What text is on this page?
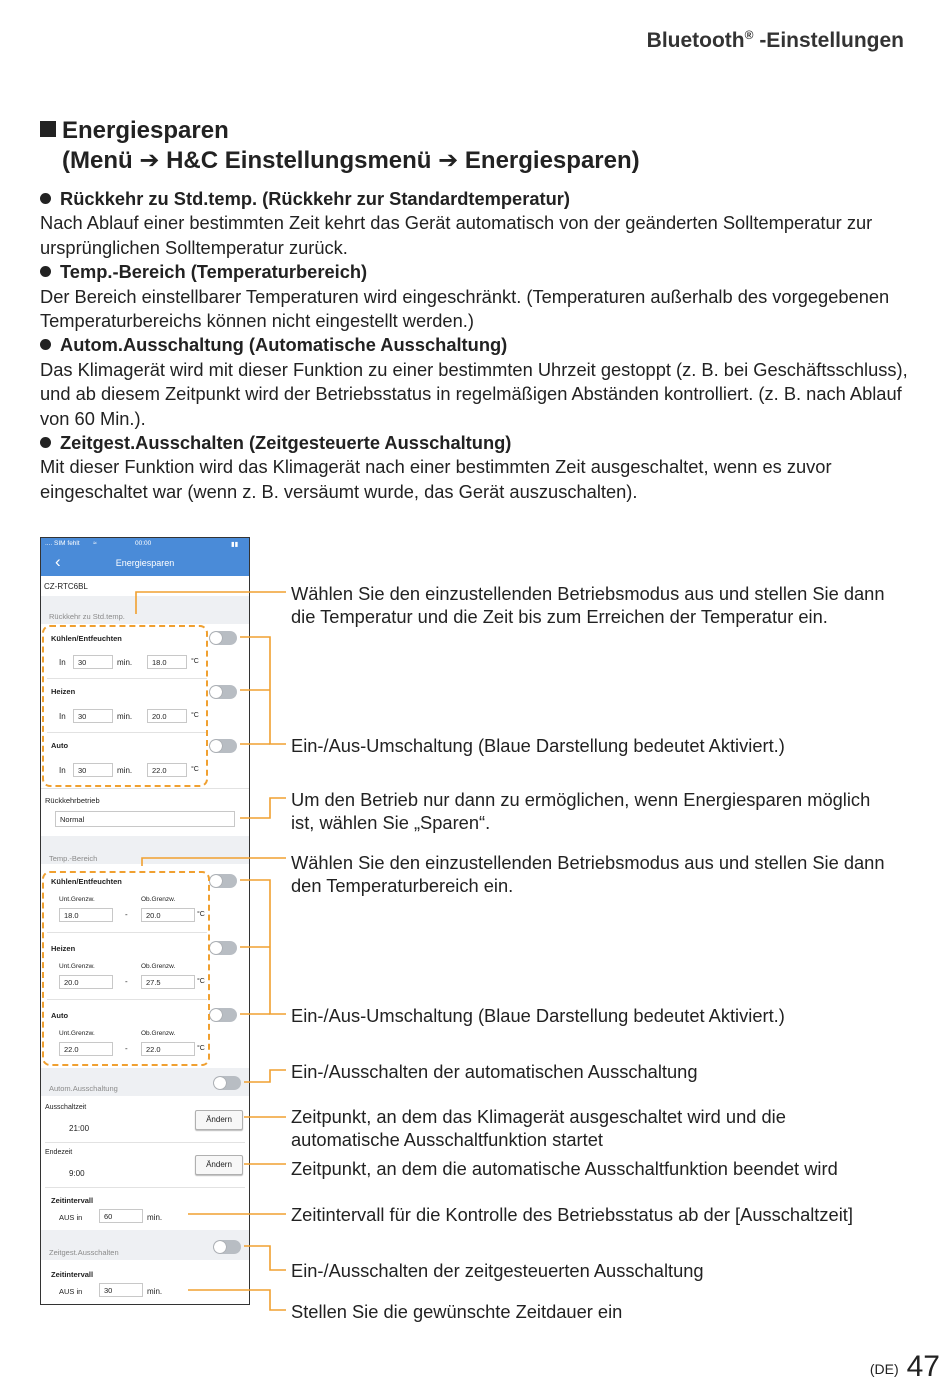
Bluetooth® -Einstellungen
Energiesparen
(Menü ➔ H&C Einstellungsmenü ➔ Energiesparen)

Rückkehr zu Std.temp. (Rückkehr zur Standardtemperatur)

Nach Ablauf einer bestimmten Zeit kehrt das Gerät automatisch von der geänderten Solltemperatur zur ursprünglichen Solltemperatur zurück.

Temp.-Bereich (Temperaturbereich)

Der Bereich einstellbarer Temperaturen wird eingeschränkt. (Temperaturen außerhalb des vorgegebenen Temperaturbereichs können nicht eingestellt werden.)

Autom.Ausschaltung (Automatische Ausschaltung)

Das Klimagerät wird mit dieser Funktion zu einer bestimmten Uhrzeit gestoppt (z. B. bei Geschäftsschluss), und ab diesem Zeitpunkt wird der Betriebsstatus in regelmäßigen Abständen kontrolliert. (z. B. nach Ablauf von 60 Min.).

Zeitgest.Ausschalten (Zeitgesteuerte Ausschaltung)

Mit dieser Funktion wird das Klimagerät nach einer bestimmten Zeit ausgeschaltet, wenn es zuvor eingeschaltet war (wenn z. B. versäumt wurde, das Gerät auszuschalten).

.... SIM fehlt ≈	00:00	▮▮
‹	Energiesparen
CZ-RTC6BL
Rückkehr zu Std.temp.
Kühlen/Entfeuchten
In	30	min.	18.0	°C
Heizen
In	30	min.	20.0	°C
Auto
In	30	min.	22.0	°C
Rückkehrbetrieb
Normal
Temp.-Bereich
Kühlen/Entfeuchten
Unt.Grenzw.	Ob.Grenzw.
18.0	-	20.0	°C
Heizen
Unt.Grenzw.	Ob.Grenzw.
20.0	-	27.5	°C
Auto
Unt.Grenzw.	Ob.Grenzw.
22.0	-	22.0	°C
Autom.Ausschaltung
Ausschaltzeit
21:00
Ändern
Endezeit
9:00
Ändern
Zeitintervall
AUS in	60	min.
Zeitgest.Ausschalten
Zeitintervall
AUS in	30	min.
Wählen Sie den einzustellenden Betriebsmodus aus und stellen Sie dann die Temperatur und die Zeit bis zum Erreichen der Temperatur ein.
Ein-/Aus-Umschaltung (Blaue Darstellung bedeutet Aktiviert.)
Um den Betrieb nur dann zu ermöglichen, wenn Energiesparen möglich ist, wählen Sie „Sparen“.
Wählen Sie den einzustellenden Betriebsmodus aus und stellen Sie dann den Temperaturbereich ein.
Ein-/Aus-Umschaltung (Blaue Darstellung bedeutet Aktiviert.)
Ein-/Ausschalten der automatischen Ausschaltung
Zeitpunkt, an dem das Klimagerät ausgeschaltet wird und die automatische Ausschaltfunktion startet
Zeitpunkt, an dem die automatische Ausschaltfunktion beendet wird
Zeitintervall für die Kontrolle des Betriebsstatus ab der [Ausschaltzeit]
Ein-/Ausschalten der zeitgesteuerten Ausschaltung
Stellen Sie die gewünschte Zeitdauer ein
(DE) 47
